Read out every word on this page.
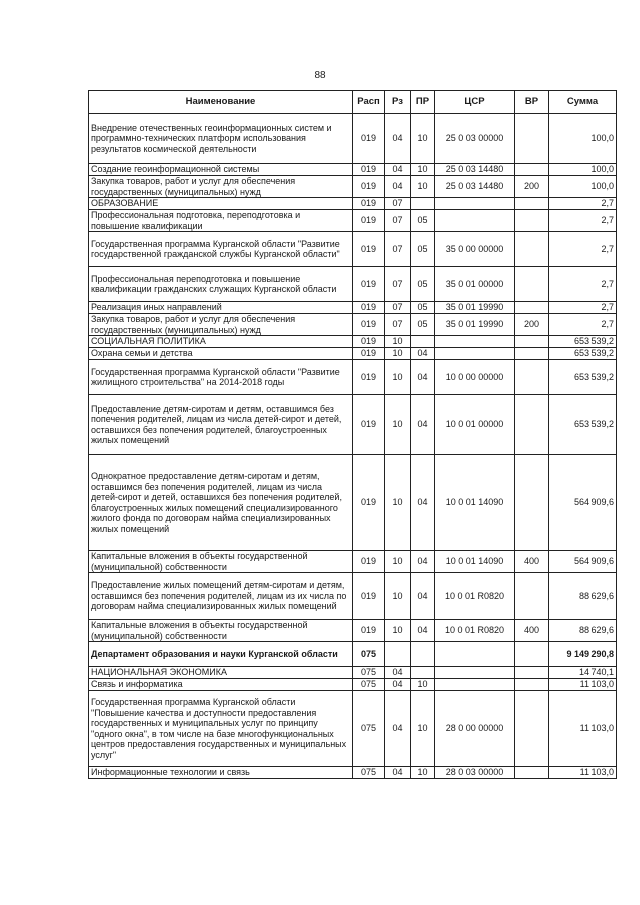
88
Наименование	Расп	Рз	ПР	ЦСР	ВР	Сумма
Внедрение отечественных геоинформационных систем и программно-технических платформ использования результатов космической деятельности	019	04	10	25 0 03 00000		100,0
Создание геоинформационной системы	019	04	10	25 0 03 14480		100,0
Закупка товаров, работ и услуг для обеспечения государственных (муниципальных) нужд	019	04	10	25 0 03 14480	200	100,0
ОБРАЗОВАНИЕ	019	07				2,7
Профессиональная подготовка, переподготовка и повышение квалификации	019	07	05			2,7
Государственная программа Курганской области "Развитие государственной гражданской службы Курганской области"	019	07	05	35 0 00 00000		2,7
Профессиональная переподготовка и повышение квалификации гражданских служащих Курганской области	019	07	05	35 0 01 00000		2,7
Реализация иных направлений	019	07	05	35 0 01 19990		2,7
Закупка товаров, работ и услуг для обеспечения государственных (муниципальных) нужд	019	07	05	35 0 01 19990	200	2,7
СОЦИАЛЬНАЯ ПОЛИТИКА	019	10				653 539,2
Охрана семьи и детства	019	10	04			653 539,2
Государственная программа Курганской области "Развитие жилищного строительства" на 2014-2018 годы	019	10	04	10 0 00 00000		653 539,2
Предоставление детям-сиротам и детям, оставшимся без попечения родителей, лицам из числа детей-сирот и детей, оставшихся без попечения родителей, благоустроенных жилых помещений	019	10	04	10 0 01 00000		653 539,2
Однократное предоставление детям-сиротам и детям, оставшимся без попечения родителей, лицам из числа детей-сирот и детей, оставшихся без попечения родителей, благоустроенных жилых помещений специализированного жилого фонда по договорам найма специализированных жилых помещений	019	10	04	10 0 01 14090		564 909,6
Капитальные вложения в объекты государственной (муниципальной) собственности	019	10	04	10 0 01 14090	400	564 909,6
Предоставление жилых помещений детям-сиротам и детям, оставшимся без попечения родителей, лицам из их числа по договорам найма специализированных жилых помещений	019	10	04	10 0 01 R0820		88 629,6
Капитальные вложения в объекты государственной (муниципальной) собственности	019	10	04	10 0 01 R0820	400	88 629,6
Департамент образования и науки Курганской области	075					9 149 290,8
НАЦИОНАЛЬНАЯ ЭКОНОМИКА	075	04				14 740,1
Связь и информатика	075	04	10			11 103,0
Государственная программа Курганской области "Повышение качества и доступности предоставления государственных и муниципальных услуг по принципу "одного окна", в том числе на базе многофункциональных центров предоставления государственных и муниципальных услуг"	075	04	10	28 0 00 00000		11 103,0
Информационные технологии и связь	075	04	10	28 0 03 00000		11 103,0
